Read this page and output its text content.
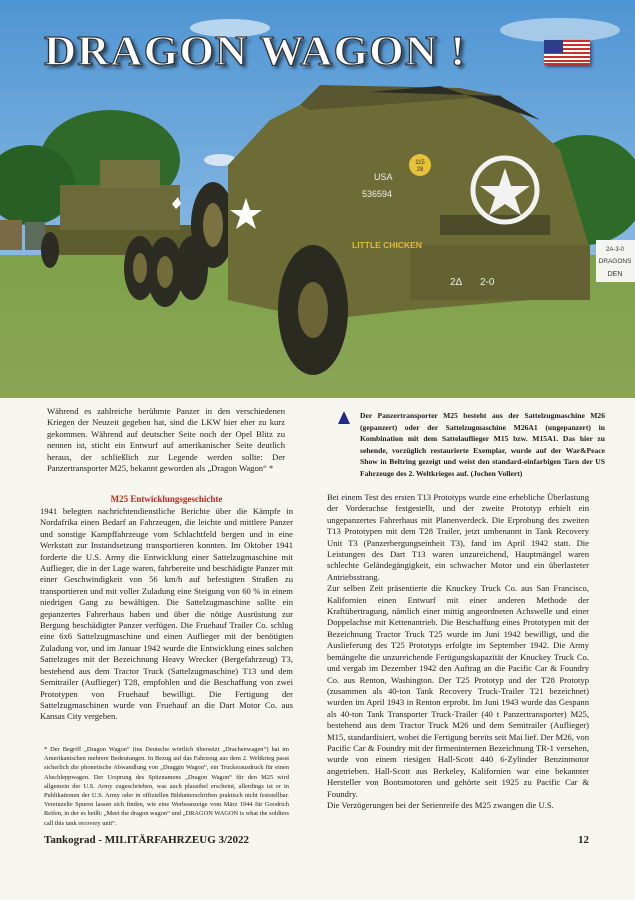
115
28
USA
536594
LITTLE CHICKEN
2Δ 2-0
2A-3-0
DRAGONS
DEN
DRAGON WAGON !
Während es zahlreiche berühmte Panzer in den verschiedenen Kriegen der Neuzeit gegeben hat, sind die LKW hier eher zu kurz gekommen. Während auf deutscher Seite noch der Opel Blitz zu nennen ist, sticht ein Entwurf auf amerikanischer Seite deutlich heraus, der schließlich zur Legende werden sollte: Der Panzertransporter M25, bekannt geworden als „Dragon Wagon“ *
Der Panzertransporter M25 besteht aus der Sattelzugmaschine M26 (gepanzert) oder der Sattelzugmaschine M26A1 (ungepanzert) in Kombination mit dem Sattelauflieger M15 bzw. M15A1. Das hier zu sehende, vorzüglich restaurierte Exemplar, wurde auf der War&Peace Show in Beltring gezeigt und weist den standard-einfarbigen Tarn der US Fahrzeuge des 2. Weltkrieges auf. (Jochen Vollert)
M25 Entwicklungsgeschichte

1941 belegten nachrichtendienstliche Berichte über die Kämpfe in Nordafrika einen Bedarf an Fahrzeugen, die leichte und mittlere Panzer und sonstige Kampffahrzeuge vom Schlachtfeld bergen und in eine Werkstatt zur Instandsetzung transportieren konnten. Im Oktober 1941 forderte die U.S. Army die Entwicklung einer Sattelzugmaschine mit Auflieger, die in der Lage waren, fahrbereite und beschädigte Panzer mit einer Geschwindigkeit von 56 km/h auf befestigten Straßen zu transportieren und mit voller Zuladung eine Steigung von 60 % in einem niedrigen Gang zu bewältigen. Die Sattelzugmaschine sollte ein gepanzertes Fahrerhaus haben und über die nötige Ausrüstung zur Bergung beschädigter Panzer verfügen. Die Fruehauf Trailer Co. schlug eine 6x6 Sattelzugmaschine und einen Auflieger mit der benötigten Zuladung vor, und im Januar 1942 wurde die Entwicklung eines solchen Sattelzuges mit der Bezeichnung Heavy Wrecker (Bergefahrzeug) T3, bestehend aus dem Tractor Truck (Sattelzugmaschine) T13 und dem Semitrailer (Auflieger) T28, empfohlen und die Beschaffung von zwei Prototypen von Fruehauf bewilligt. Die Fertigung der Sattelzugmaschinen wurde von Fruehauf an die Dart Motor Co. aus Kansas City vergeben.

Bei einem Test des ersten T13 Prototyps wurde eine erhebliche Überlastung der Vorderachse festgestellt, und der zweite Prototyp erhielt ein ungepanzertes Fahrerhaus mit Planenverdeck. Die Erprobung des zweiten T13 Prototypen mit dem T28 Trailer, jetzt umbenannt in Tank Recovery Unit T3 (Panzerbergungseinheit T3), fand im April 1942 statt. Die Leistungen des Dart T13 waren unzureichend, Hauptmängel waren schlechte Geländegängigkeit, ein schwacher Motor und ein überlasteter Antriebsstrang.

Zur selben Zeit präsentierte die Knuckey Truck Co. aus San Francisco, Kalifornien einen Entwurf mit einer anderen Methode der Kraftübertragung, nämlich einer mittig angeordneten Achswelle und einer Doppelachse mit Kettenantrieb. Die Beschaffung eines Prototypen mit der Bezeichnung Tractor Truck T25 wurde im Juni 1942 bewilligt, und die Auslieferung des T25 Prototyps erfolgte im September 1942. Die Army bemängelte die unzureichende Fertigungskapazität der Knuckey Truck Co. und vergab im Dezember 1942 den Auftrag an die Pacific Car & Foundry Co. aus Renton, Washington. Der T25 Prototyp und der T28 Prototyp (zusammen als 40-ton Tank Recovery Truck-Trailer T21 bezeichnet) wurden im April 1943 in Renton erprobt. Im Juni 1943 wurde das Gespann als 40-ton Tank Transporter Truck-Trailer (40 t Panzertransporter) M25, bestehend aus dem Tractor Truck M26 und dem Semitrailer (Auflieger) M15, standardisiert, wobei die Fertigung bereits seit Mai lief. Der M26, von Pacific Car & Foundry mit der firmeninternen Bezeichnung TR-1 versehen, wurde von einem riesigen Hall-Scott 440 6-Zylinder Benzinmotor angetrieben. Hall-Scott aus Berkeley, Kalifornien war eine bekannter Hersteller von Bootsmotoren und gehörte seit 1925 zu Pacific Car & Foundry.

Die Verzögerungen bei der Serienreife des M25 zwangen die U.S.

* Der Begriff „Dragon Wagon“ (ins Deutsche wörtlich übersetzt „Drachenwagen“) hat im Amerikanischen mehrere Bedeutungen. In Bezug auf das Fahrzeug aus dem 2. Weltkrieg passt sicherlich die phonetische Abwandlung von „Draggin Wagon“, ein Truckerausdruck für einen Abschleppwagen. Der Ursprung des Spitznamens „Dragon Wagon“ für den M25 wird allgemein der U.S. Army zugeschrieben, was auch plausibel erscheint, allerdings ist er in Publikationen der U.S. Army oder in offiziellen Bildunterschriften praktisch nicht feststellbar. Vereinzelte Spuren lassen sich finden, wie eine Werbeanzeige vom März 1944 für Goodrich Reifen, in der es heißt: „Meet the dragon wagon“ und „DRAGON WAGON is what the soldiers call this tank recovery unit“.
Tankograd - MILITÄRFAHRZEUG 3/2022	12
